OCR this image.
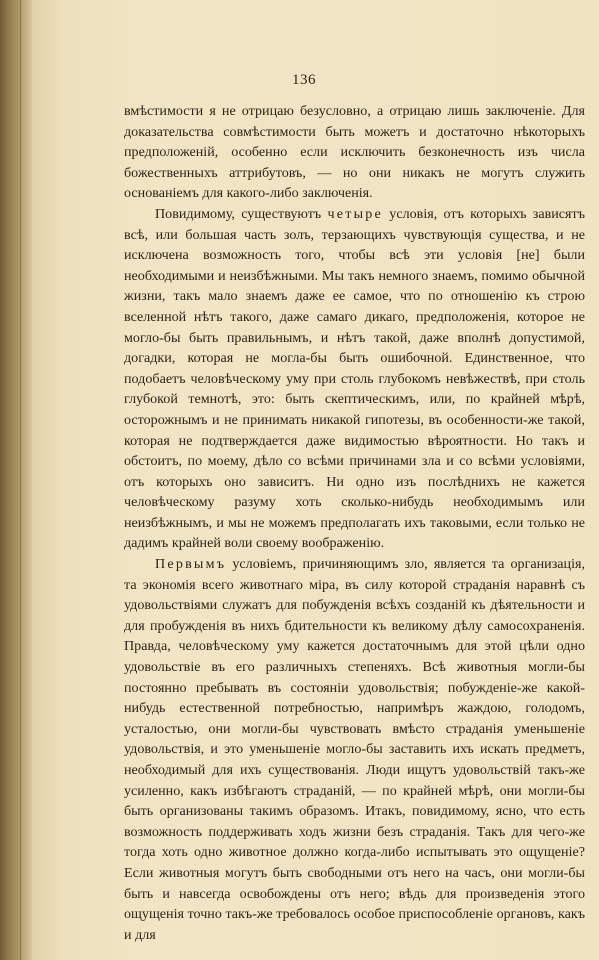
136

вмѣстимости я не отрицаю безусловно, а отрицаю лишь заключенiе. Для доказательства совмѣстимости быть можетъ и достаточно нѣкоторыхъ предположенiй, особенно если исключить безконечность изъ числа божественныхъ аттрибутовъ, — но они никакъ не могутъ служить основанiемъ для какого-либо заключенiя.

Повидимому, существуютъ четыре условiя, отъ которыхъ зависятъ всѣ, или большая часть золъ, терзающихъ чувствующiя существа, и не исключена возможность того, чтобы всѣ эти условiя [не] были необходимыми и неизбѣжными. Мы такъ немного знаемъ, помимо обычной жизни, такъ мало знаемъ даже ее самое, что по отношенiю къ строю вселенной нѣтъ такого, даже самаго дикаго, предположенiя, которое не могло-бы быть правильнымъ, и нѣтъ такой, даже вполнѣ допустимой, догадки, которая не могла-бы быть ошибочной. Единственное, что подобаетъ человѣческому уму при столь глубокомъ невѣжествѣ, при столь глубокой темнотѣ, это: быть скептическимъ, или, по крайней мѣрѣ, осторожнымъ и не принимать никакой гипотезы, въ особенности-же такой, которая не подтверждается даже видимостью вѣроятности. Но такъ и обстоитъ, по моему, дѣло со всѣми причинами зла и со всѣми условiями, отъ которыхъ оно зависитъ. Ни одно изъ послѣднихъ не кажется человѣческому разуму хоть сколько-нибудь необходимымъ или неизбѣжнымъ, и мы не можемъ предполагать ихъ таковыми, если только не дадимъ крайней воли своему воображенiю.

Первымъ условiемъ, причиняющимъ зло, является та организацiя, та экономiя всего животнаго мiра, въ силу которой страданiя наравнѣ съ удовольствiями служатъ для побужденiя всѣхъ созданiй къ дѣятельности и для пробужденiя въ нихъ бдительности къ великому дѣлу самосохраненiя. Правда, человѣческому уму кажется достаточнымъ для этой цѣли одно удовольствiе въ его различныхъ степеняхъ. Всѣ животныя могли-бы постоянно пребывать въ состоянiи удовольствiя; побужденiе-же какой-нибудь естественной потребностью, напримѣръ жаждою, голодомъ, усталостью, они могли-бы чувствовать вмѣсто страданiя уменьшенiе удовольствiя, и это уменьшенiе могло-бы заставить ихъ искать предметъ, необходимый для ихъ существованiя. Люди ищутъ удовольствiй такъ-же усиленно, какъ избѣгаютъ страданiй, — по крайней мѣрѣ, они могли-бы быть организованы такимъ образомъ. Итакъ, повидимому, ясно, что есть возможность поддерживать ходъ жизни безъ страданiя. Такъ для чего-же тогда хоть одно животное должно когда-либо испытывать это ощущенiе? Если животныя могутъ быть свободными отъ него на часъ, они могли-бы быть и навсегда освобождены отъ него; вѣдь для произведенiя этого ощущенiя точно такъ-же требовалось особое приспособленiе органовъ, какъ и для
